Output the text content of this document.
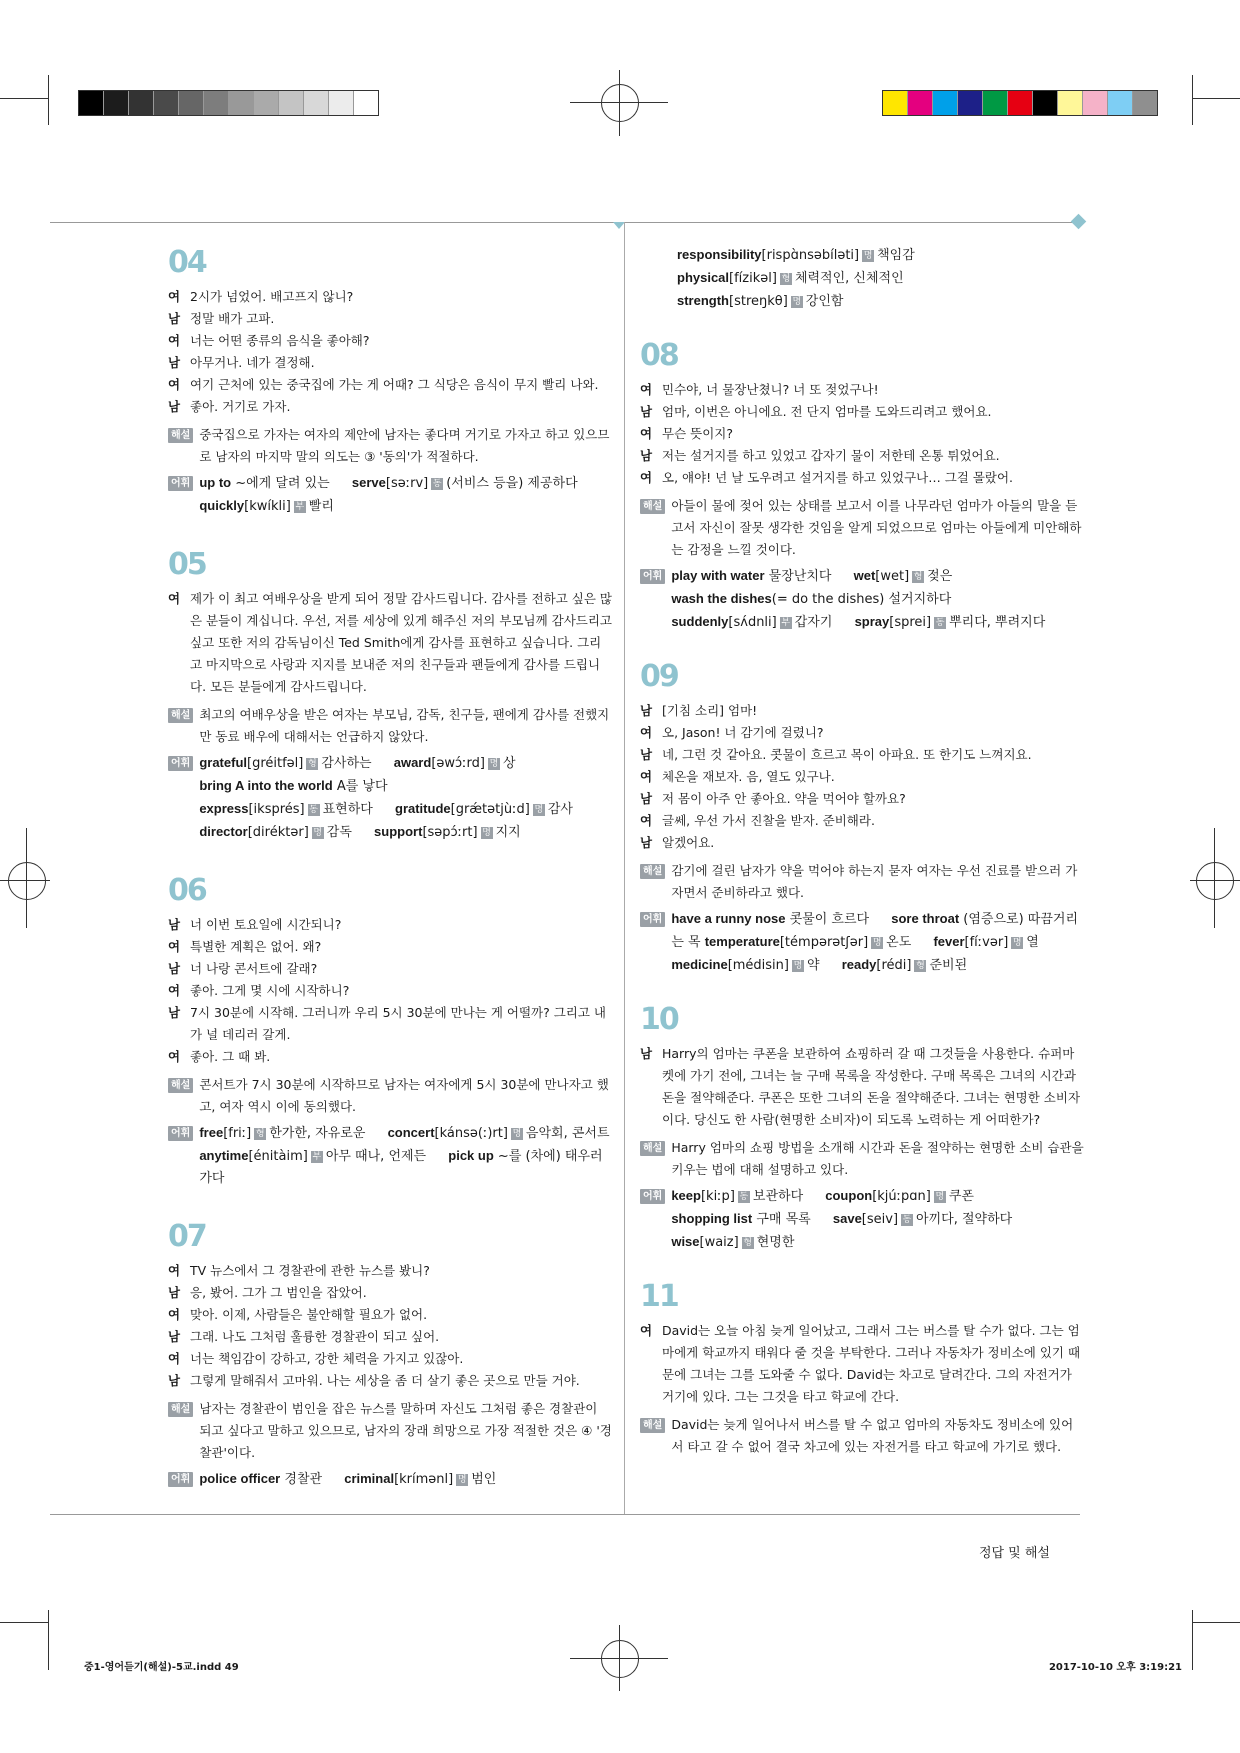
04
여 2시가 넘었어. 배고프지 않니?
남 정말 배가 고파.
여 너는 어떤 종류의 음식을 좋아해?
남 아무거나. 네가 결정해.
여 여기 근처에 있는 중국집에 가는 게 어때? 그 식당은 음식이 무지 빨리 나와.
남 좋아. 거기로 가자.
해설 중국집으로 가자는 여자의 제안에 남자는 좋다며 거기로 가자고 하고 있으므로 남자의 마지막 말의 의도는 ③ '동의'가 적절하다.
어휘 up to ~에게 달려 있는 serve[səːrv] 동 (서비스 등을) 제공하다
quickly[kwíkli] 부 빨리
05
여 제가 이 최고 여배우상을 받게 되어 정말 감사드립니다. 감사를 전하고 싶은 많은 분들이 계십니다. 우선, 저를 세상에 있게 해주신 저의 부모님께 감사드리고 싶고 또한 저의 감독님이신 Ted Smith에게 감사를 표현하고 싶습니다. 그리고 마지막으로 사랑과 지지를 보내준 저의 친구들과 팬들에게 감사를 드립니다. 모든 분들에게 감사드립니다.
해설 최고의 여배우상을 받은 여자는 부모님, 감독, 친구들, 팬에게 감사를 전했지만 동료 배우에 대해서는 언급하지 않았다.
어휘 grateful[gréitfəl] 형 감사하는 award[əwɔ́ːrd] 명 상
bring A into the world A를 낳다
express[iksprés] 동 표현하다 gratitude[grǽtətjùːd] 명 감사
director[diréktər] 명 감독 support[səpɔ́ːrt] 명 지지
06
남 너 이번 토요일에 시간되니?
여 특별한 계획은 없어. 왜?
남 너 나랑 콘서트에 갈래?
여 좋아. 그게 몇 시에 시작하니?
남 7시 30분에 시작해. 그러니까 우리 5시 30분에 만나는 게 어떨까? 그리고 내가 널 데리러 갈게.
여 좋아. 그 때 봐.
해설 콘서트가 7시 30분에 시작하므로 남자는 여자에게 5시 30분에 만나자고 했고, 여자 역시 이에 동의했다.
어휘 free[friː] 형 한가한, 자유로운 concert[kánsə(ː)rt] 명 음악회, 콘서트 anytime[énitàim] 부 아무 때나, 언제든 pick up ~를 (차에) 태우러 가다
07
여 TV 뉴스에서 그 경찰관에 관한 뉴스를 봤니?
남 응, 봤어. 그가 그 범인을 잡았어.
여 맞아. 이제, 사람들은 불안해할 필요가 없어.
남 그래. 나도 그처럼 훌륭한 경찰관이 되고 싶어.
여 너는 책임감이 강하고, 강한 체력을 가지고 있잖아.
남 그렇게 말해줘서 고마워. 나는 세상을 좀 더 살기 좋은 곳으로 만들 거야.
해설 남자는 경찰관이 범인을 잡은 뉴스를 말하며 자신도 그처럼 좋은 경찰관이 되고 싶다고 말하고 있으므로, 남자의 장래 희망으로 가장 적절한 것은 ④ '경찰관'이다.
어휘 police officer 경찰관 criminal[krímənl] 명 범인
responsibility[rispɑ̀nsəbíləti] 명 책임감
physical[fízikəl] 형 체력적인, 신체적인
strength[streŋkθ] 명 강인함
08
여 민수야, 너 물장난쳤니? 너 또 젖었구나!
남 엄마, 이번은 아니에요. 전 단지 엄마를 도와드리려고 했어요.
여 무슨 뜻이지?
남 저는 설거지를 하고 있었고 갑자기 물이 저한테 온통 튀었어요.
여 오, 얘야! 넌 날 도우려고 설거지를 하고 있었구나… 그걸 몰랐어.
해설 아들이 물에 젖어 있는 상태를 보고서 이를 나무라던 엄마가 아들의 말을 듣고서 자신이 잘못 생각한 것임을 알게 되었으므로 엄마는 아들에게 미안해하는 감정을 느낄 것이다.
어휘 play with water 물장난치다 wet[wet] 형 젖은
wash the dishes(= do the dishes) 설거지하다
suddenly[sʌ́dnli] 부 갑자기 spray[sprei] 동 뿌리다, 뿌려지다
09
남 [기침 소리] 엄마!
여 오, Jason! 너 감기에 걸렸니?
남 네, 그런 것 같아요. 콧물이 흐르고 목이 아파요. 또 한기도 느껴지요.
여 체온을 재보자. 음, 열도 있구나.
남 저 몸이 아주 안 좋아요. 약을 먹어야 할까요?
여 글쎄, 우선 가서 진찰을 받자. 준비해라.
남 알겠어요.
해설 감기에 걸린 남자가 약을 먹어야 하는지 묻자 여자는 우선 진료를 받으러 가자면서 준비하라고 했다.
어휘 have a runny nose 콧물이 흐르다 sore throat (염증으로) 따끔거리는 목 temperature[témpərətʃər] 명 온도 fever[fíːvər] 명 열 medicine[médisin] 명 약 ready[rédi] 형 준비된
10
남 Harry의 엄마는 쿠폰을 보관하여 쇼핑하러 갈 때 그것들을 사용한다. 슈퍼마켓에 가기 전에, 그녀는 늘 구매 목록을 작성한다. 구매 목록은 그녀의 시간과 돈을 절약해준다. 쿠폰은 또한 그녀의 돈을 절약해준다. 그녀는 현명한 소비자이다. 당신도 한 사람(현명한 소비자)이 되도록 노력하는 게 어떠한가?
해설 Harry 엄마의 쇼핑 방법을 소개해 시간과 돈을 절약하는 현명한 소비 습관을 키우는 법에 대해 설명하고 있다.
어휘 keep[kiːp] 동 보관하다 coupon[kjúːpɑn] 명 쿠폰
shopping list 구매 목록 save[seiv] 동 아끼다, 절약하다
wise[waiz] 형 현명한
11
여 David는 오늘 아침 늦게 일어났고, 그래서 그는 버스를 탈 수가 없다. 그는 엄마에게 학교까지 태워다 줄 것을 부탁한다. 그러나 자동차가 정비소에 있기 때문에 그녀는 그를 도와줄 수 없다. David는 차고로 달려간다. 그의 자전거가 거기에 있다. 그는 그것을 타고 학교에 간다.
해설 David는 늦게 일어나서 버스를 탈 수 없고 엄마의 자동차도 정비소에 있어서 타고 갈 수 없어 결국 차고에 있는 자전거를 타고 학교에 가기로 했다.
정답 및 해설
중1-영어듣기(해설)-5교.indd 49	2017-10-10 오후 3:19:21
